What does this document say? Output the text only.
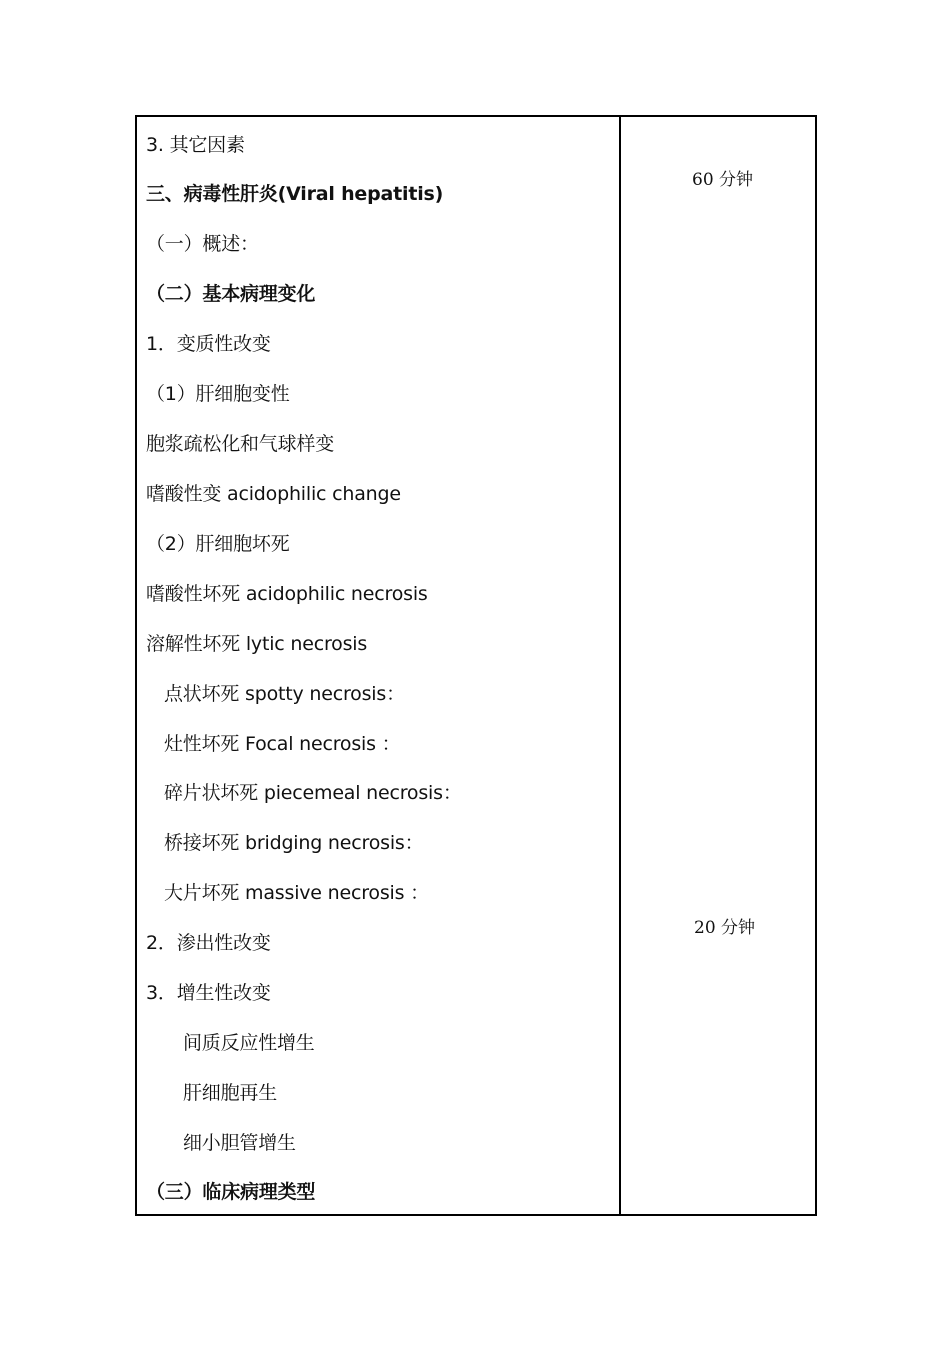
3. 其它因素
三、病毒性肝炎(Viral hepatitis)
（一）概述：
（二）基本病理变化
1．变质性改变
（1）肝细胞变性
胞浆疏松化和气球样变
嗜酸性变 acidophilic change
（2）肝细胞坏死
嗜酸性坏死 acidophilic necrosis
溶解性坏死 lytic necrosis
点状坏死 spotty necrosis：
灶性坏死 Focal necrosis ：
碎片状坏死 piecemeal necrosis：
桥接坏死 bridging necrosis：
大片坏死 massive necrosis ：
2．渗出性改变
3．增生性改变
间质反应性增生
肝细胞再生
细小胆管增生
（三）临床病理类型
60 分钟
20 分钟
